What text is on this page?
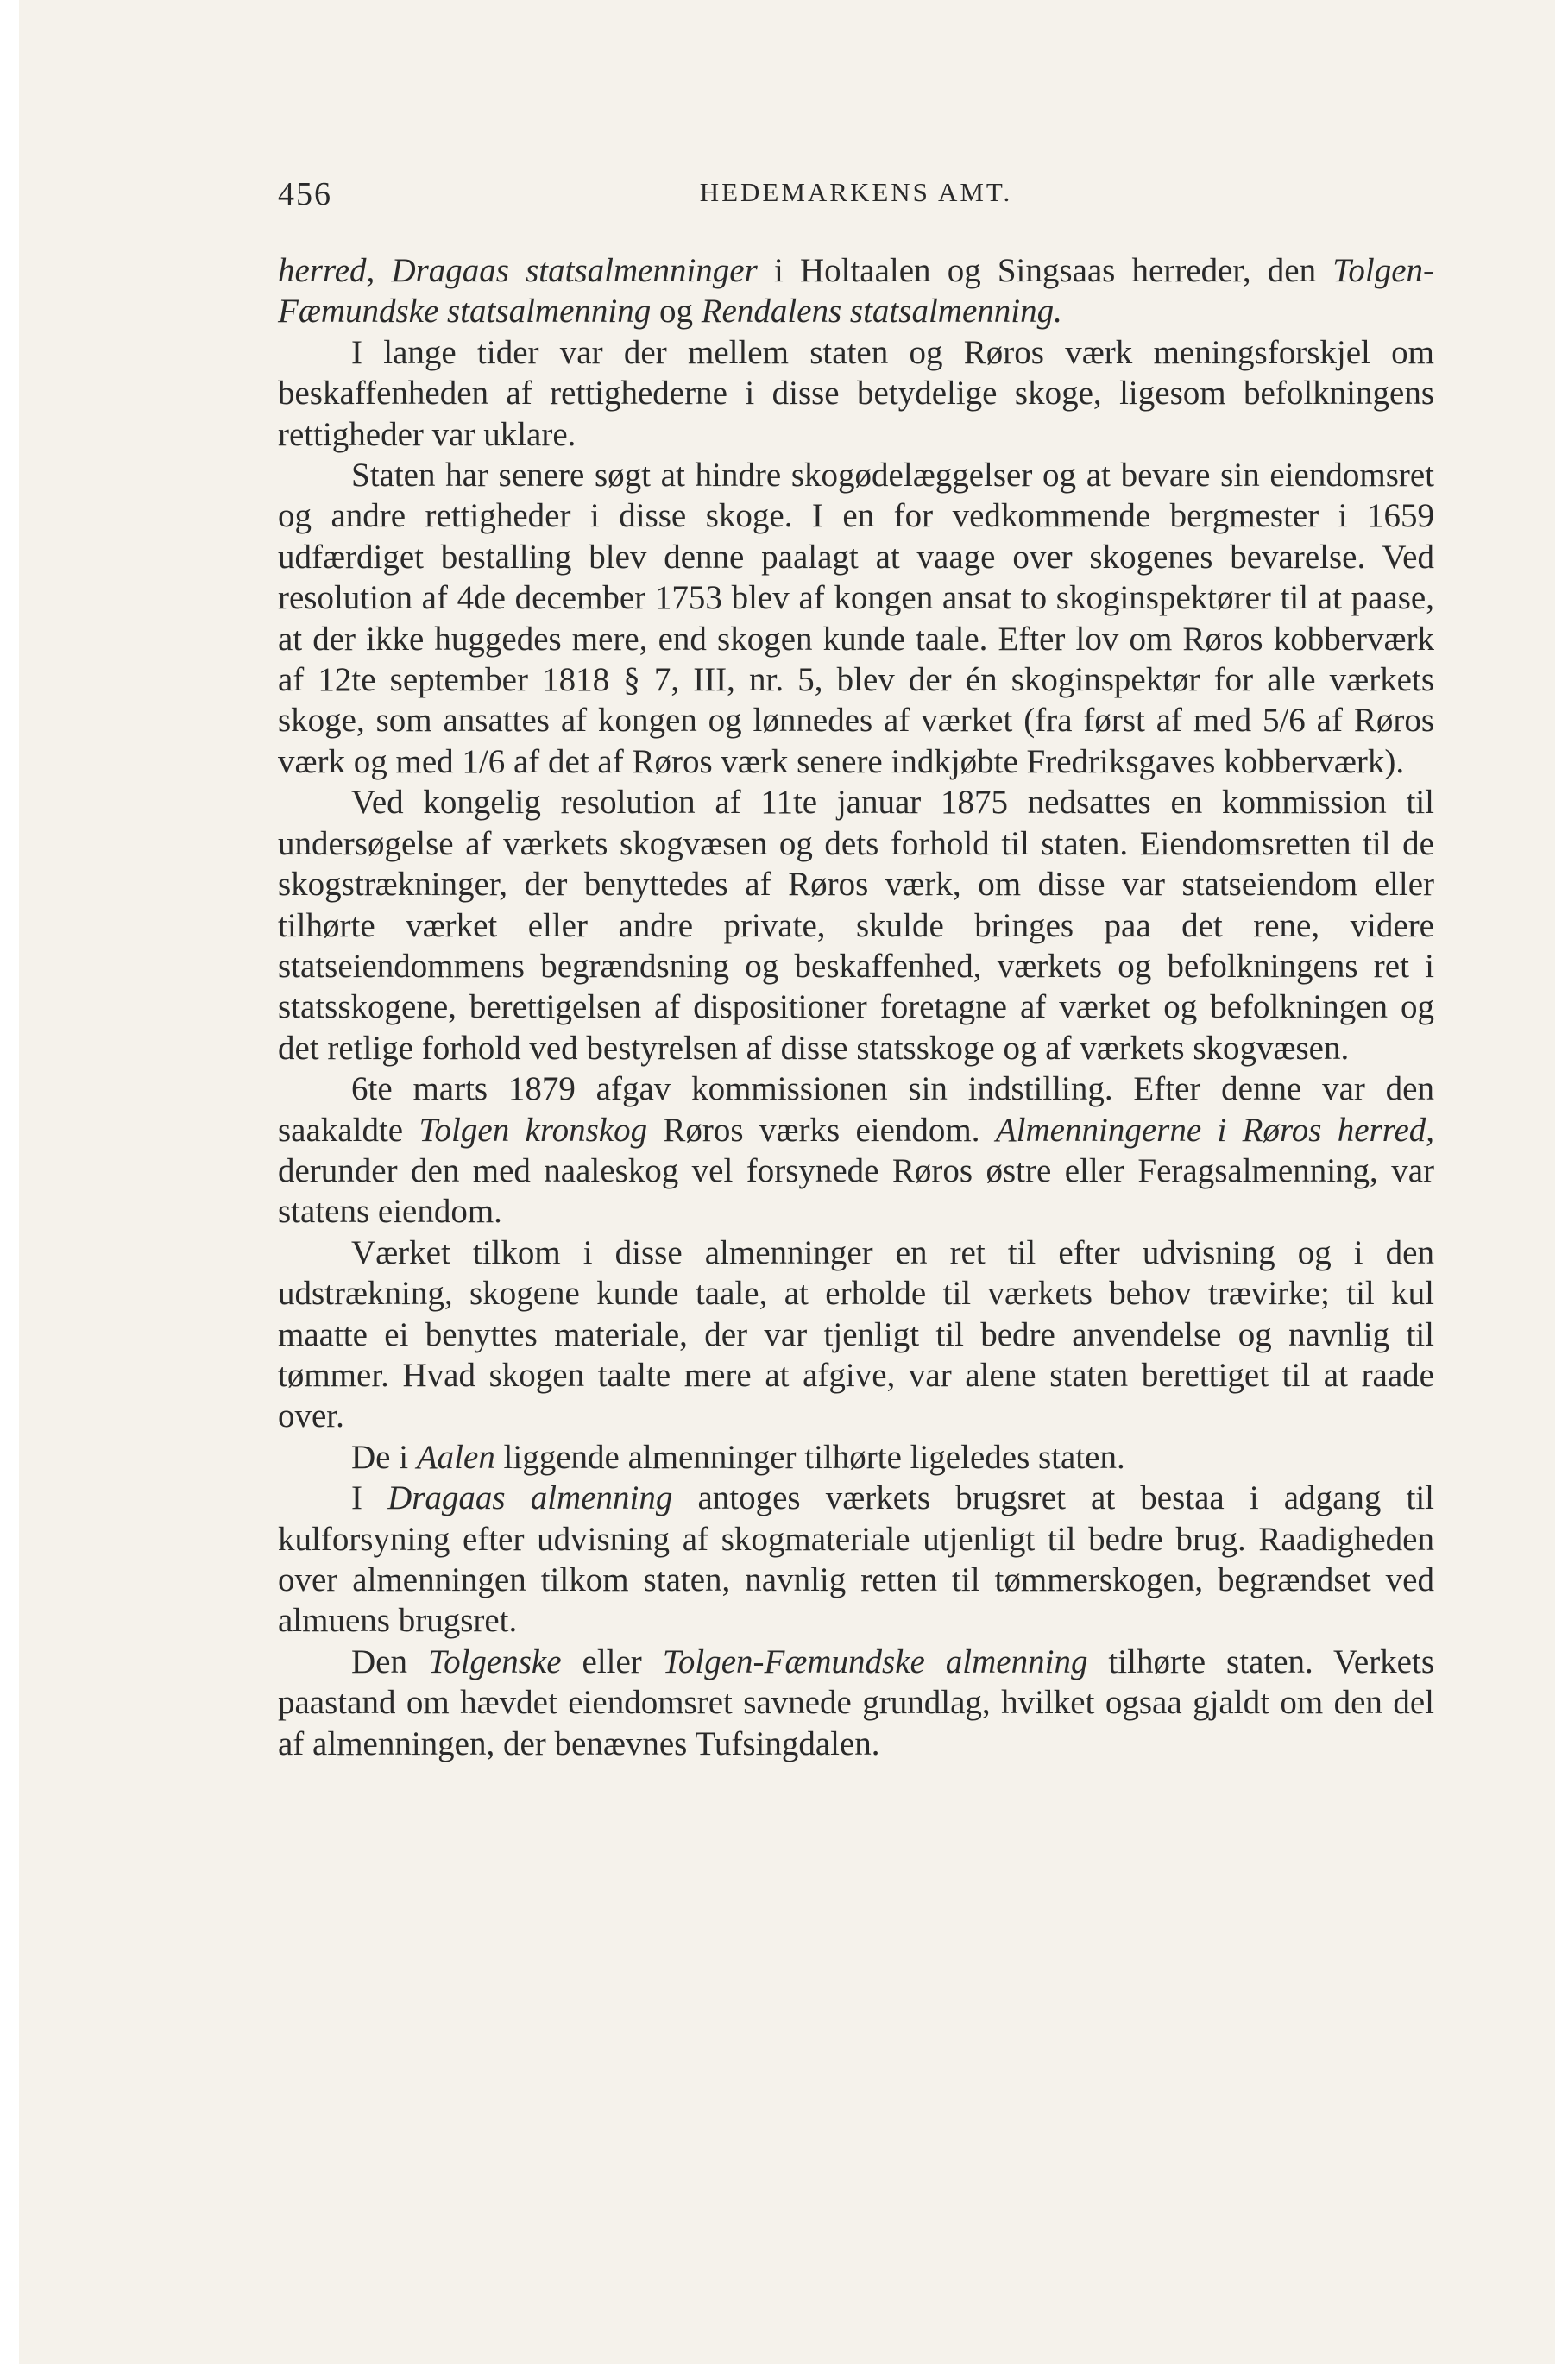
456	HEDEMARKENS AMT.

herred, Dragaas statsalmenninger i Holtaalen og Singsaas herreder, den Tolgen-Fæmundske statsalmenning og Rendalens statsalmenning.

I lange tider var der mellem staten og Røros værk meningsforskjel om beskaffenheden af rettighederne i disse betydelige skoge, ligesom befolkningens rettigheder var uklare.

Staten har senere søgt at hindre skogødelæggelser og at bevare sin eiendomsret og andre rettigheder i disse skoge. I en for vedkommende bergmester i 1659 udfærdiget bestalling blev denne paalagt at vaage over skogenes bevarelse. Ved resolution af 4de december 1753 blev af kongen ansat to skoginspektører til at paase, at der ikke huggedes mere, end skogen kunde taale. Efter lov om Røros kobberværk af 12te september 1818 § 7, III, nr. 5, blev der én skoginspektør for alle værkets skoge, som ansattes af kongen og lønnedes af værket (fra først af med 5/6 af Røros værk og med 1/6 af det af Røros værk senere indkjøbte Fredriksgaves kobberværk).

Ved kongelig resolution af 11te januar 1875 nedsattes en kommission til undersøgelse af værkets skogvæsen og dets forhold til staten. Eiendomsretten til de skogstrækninger, der benyttedes af Røros værk, om disse var statseiendom eller tilhørte værket eller andre private, skulde bringes paa det rene, videre statseiendommens begrændsning og beskaffenhed, værkets og befolkningens ret i statsskogene, berettigelsen af dispositioner foretagne af værket og befolkningen og det retlige forhold ved bestyrelsen af disse statsskoge og af værkets skogvæsen.

6te marts 1879 afgav kommissionen sin indstilling. Efter denne var den saakaldte Tolgen kronskog Røros værks eiendom. Almenningerne i Røros herred, derunder den med naaleskog vel forsynede Røros østre eller Feragsalmenning, var statens eiendom.

Værket tilkom i disse almenninger en ret til efter udvisning og i den udstrækning, skogene kunde taale, at erholde til værkets behov trævirke; til kul maatte ei benyttes materiale, der var tjenligt til bedre anvendelse og navnlig til tømmer. Hvad skogen taalte mere at afgive, var alene staten berettiget til at raade over.

De i Aalen liggende almenninger tilhørte ligeledes staten.

I Dragaas almenning antoges værkets brugsret at bestaa i adgang til kulforsyning efter udvisning af skogmateriale utjenligt til bedre brug. Raadigheden over almenningen tilkom staten, navnlig retten til tømmerskogen, begrændset ved almuens brugsret.

Den Tolgenske eller Tolgen-Fæmundske almenning tilhørte staten. Verkets paastand om hævdet eiendomsret savnede grundlag, hvilket ogsaa gjaldt om den del af almenningen, der benævnes Tufsingdalen.
